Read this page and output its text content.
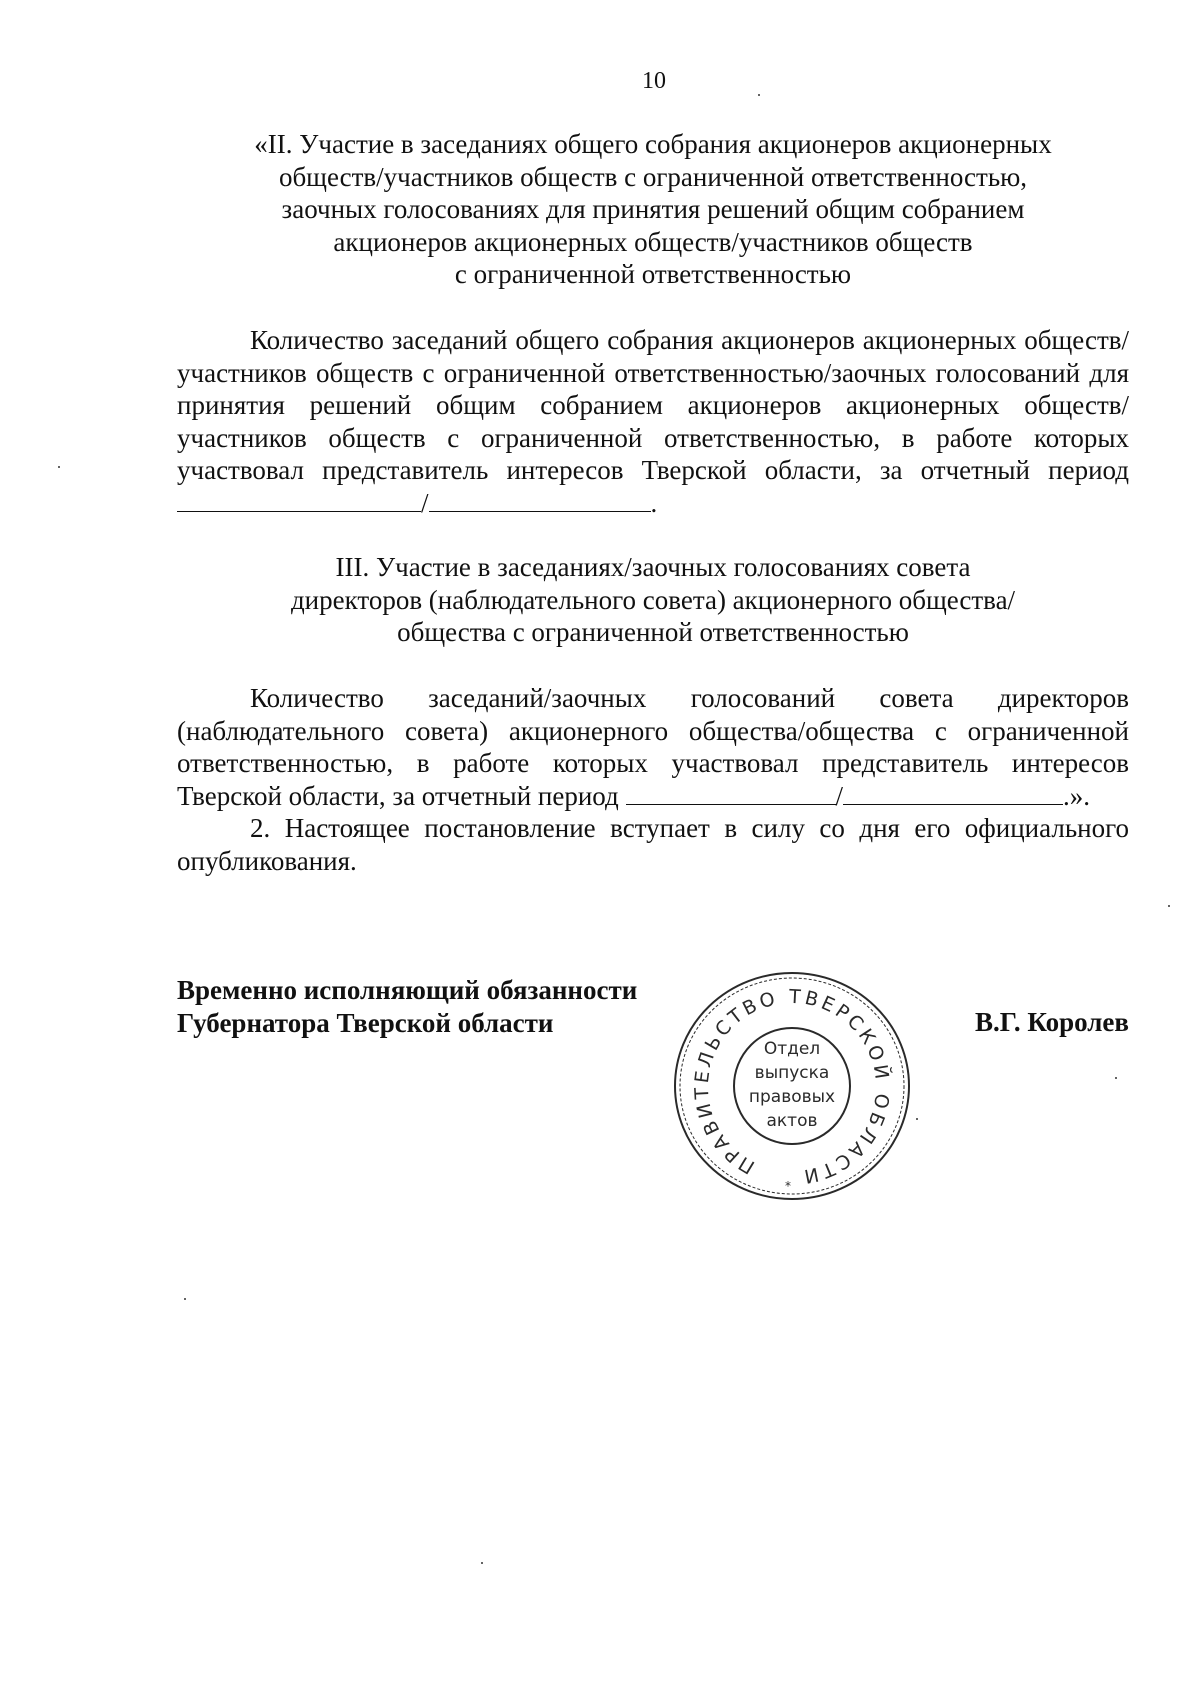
10

«II. Участие в заседаниях общего собрания акционеров акционерных
обществ/участников обществ с ограниченной ответственностью,
заочных голосованиях для принятия решений общим собранием
акционеров акционерных обществ/участников обществ
с ограниченной ответственностью

Количество заседаний общего собрания акционеров акционерных обществ/участников обществ с ограниченной ответственностью/заочных голосований для принятия решений общим собранием акционеров акционерных обществ/участников обществ с ограниченной ответственностью, в работе которых участвовал представитель интересов Тверской области, за отчетный период /	.

III. Участие в заседаниях/заочных голосованиях совета
директоров (наблюдательного совета) акционерного общества/
общества с ограниченной ответственностью

Количество заседаний/заочных голосований совета директоров (наблюдательного совета) акционерного общества/общества с ограниченной ответственностью, в работе которых участвовал представитель интересов Тверской области, за отчетный период	/	.».

2. Настоящее постановление вступает в силу со дня его официального опубликования.

Временно исполняющий обязанности
Губернатора Тверской области	В.Г. Королев
ПРАВИТЕЛЬСТВО ТВЕРСКОЙ ОБЛАСТИ
Отдел
выпуска
правовых
актов
*
